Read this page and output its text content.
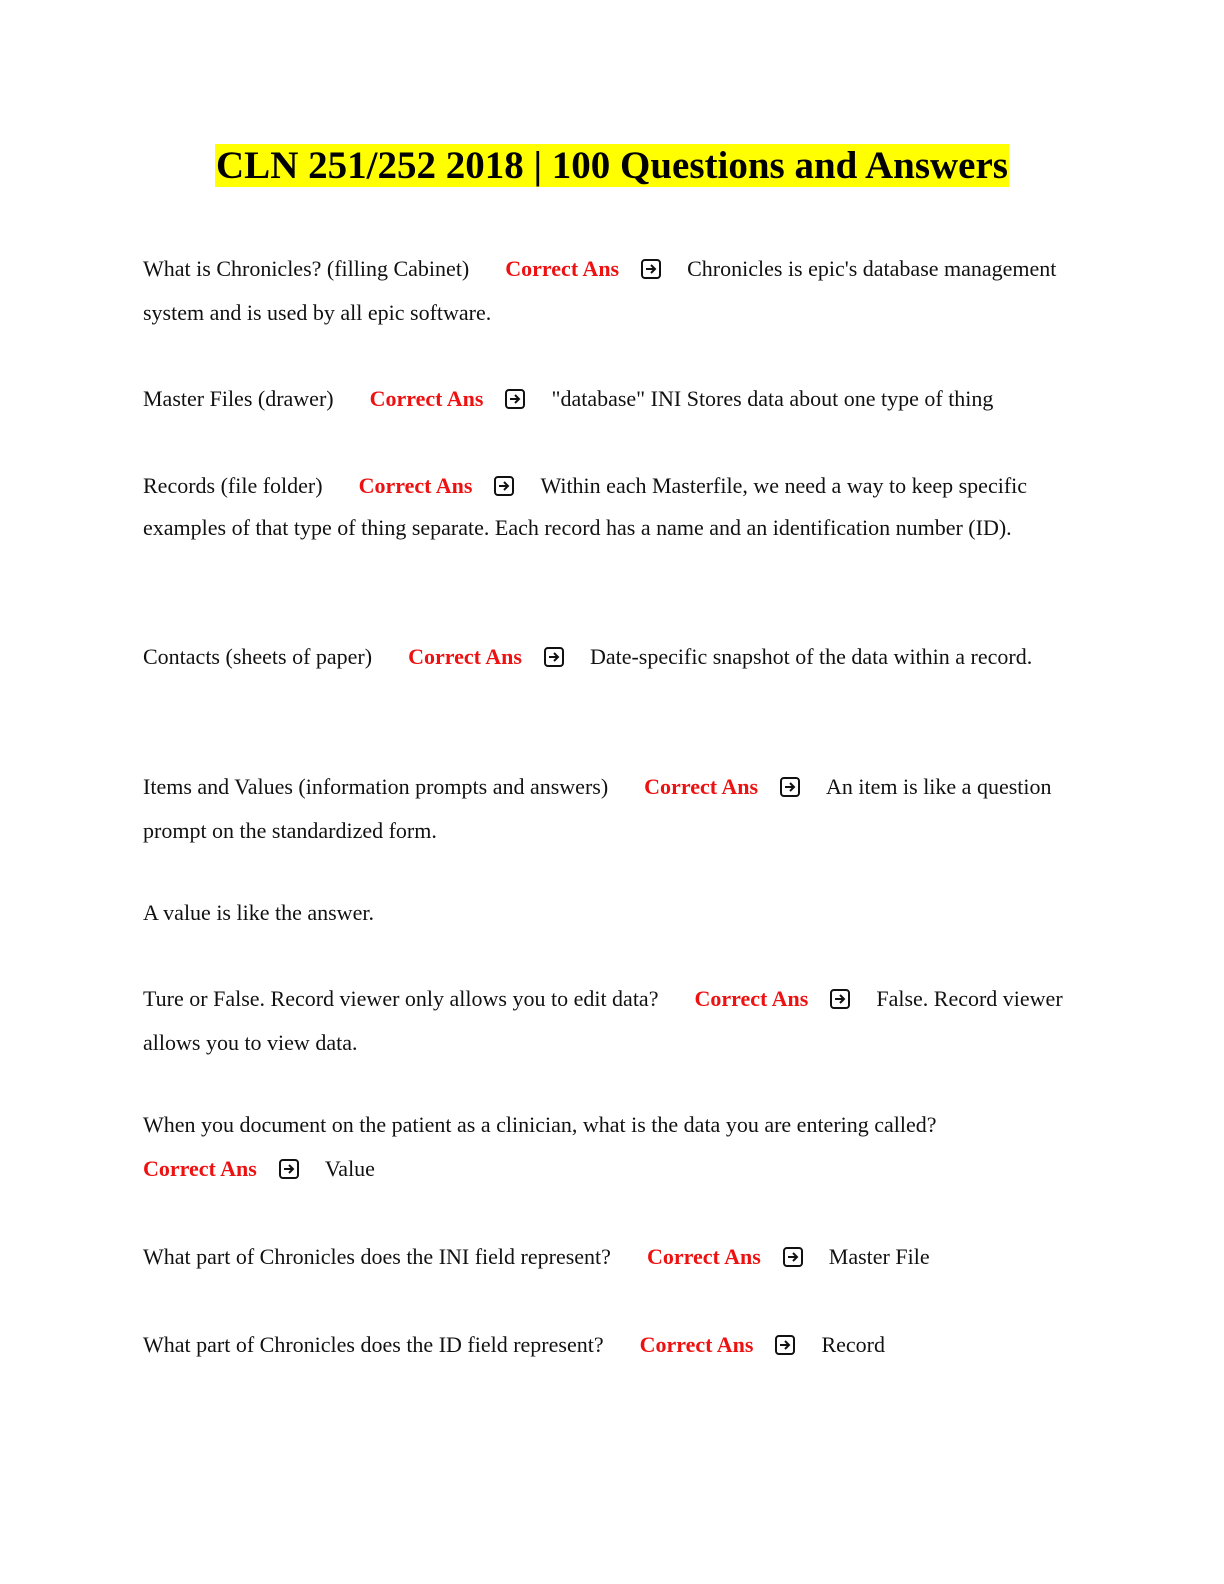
CLN 251/252 2018 | 100 Questions and Answers

What is Chronicles? (filling Cabinet) Correct Ans	Chronicles is epic's database management system and is used by all epic software.

Master Files (drawer) Correct Ans	"database" INI Stores data about one type of thing

Records (file folder) Correct Ans	Within each Masterfile, we need a way to keep specific examples of that type of thing separate. Each record has a name and an identification number (ID).

Contacts (sheets of paper) Correct Ans	Date-specific snapshot of the data within a record.

Items and Values (information prompts and answers) Correct Ans	An item is like a question prompt on the standardized form.

A value is like the answer.

Ture or False. Record viewer only allows you to edit data? Correct Ans	False. Record viewer allows you to view data.

When you document on the patient as a clinician, what is the data you are entering called?
Correct Ans	Value

What part of Chronicles does the INI field represent? Correct Ans	Master File

What part of Chronicles does the ID field represent? Correct Ans	Record
